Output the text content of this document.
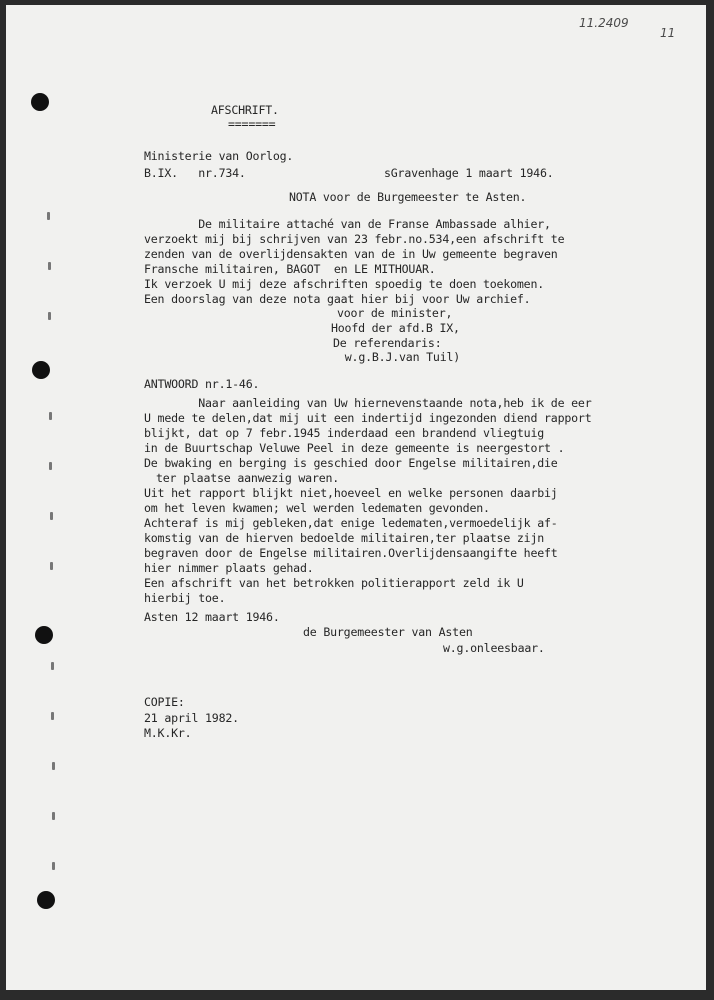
11.2409
11
AFSCHRIFT.
=======
Ministerie van Oorlog.
B.IX.   nr.734.	sGravenhage 1 maart 1946.
NOTA voor de Burgemeester te Asten.
De militaire attaché van de Franse Ambassade alhier,
verzoekt mij bij schrijven van 23 febr.no.534,een afschrift te
zenden van de overlijdensakten van de in Uw gemeente begraven
Fransche militairen, BAGOT  en LE MITHOUAR.
Ik verzoek U mij deze afschriften spoedig te doen toekomen.
Een doorslag van deze nota gaat hier bij voor Uw archief.
voor de minister,
Hoofd der afd.B IX,
De referendaris:
w.g.B.J.van Tuil)
ANTWOORD nr.1-46.
Naar aanleiding van Uw hiernevenstaande nota,heb ik de eer
U mede te delen,dat mij uit een indertijd ingezonden diend rapport
blijkt, dat op 7 febr.1945 inderdaad een brandend vliegtuig
in de Buurtschap Veluwe Peel in deze gemeente is neergestort .
De bwaking en berging is geschied door Engelse militairen,die
ter plaatse aanwezig waren.
Uit het rapport blijkt niet,hoeveel en welke personen daarbij
om het leven kwamen; wel werden ledematen gevonden.
Achteraf is mij gebleken,dat enige ledematen,vermoedelijk af-
komstig van de hierven bedoelde militairen,ter plaatse zijn
begraven door de Engelse militairen.Overlijdensaangifte heeft
hier nimmer plaats gehad.
Een afschrift van het betrokken politierapport zeld ik U
hierbij toe.
Asten 12 maart 1946.
de Burgemeester van Asten
w.g.onleesbaar.
COPIE:
21 april 1982.
M.K.Kr.
